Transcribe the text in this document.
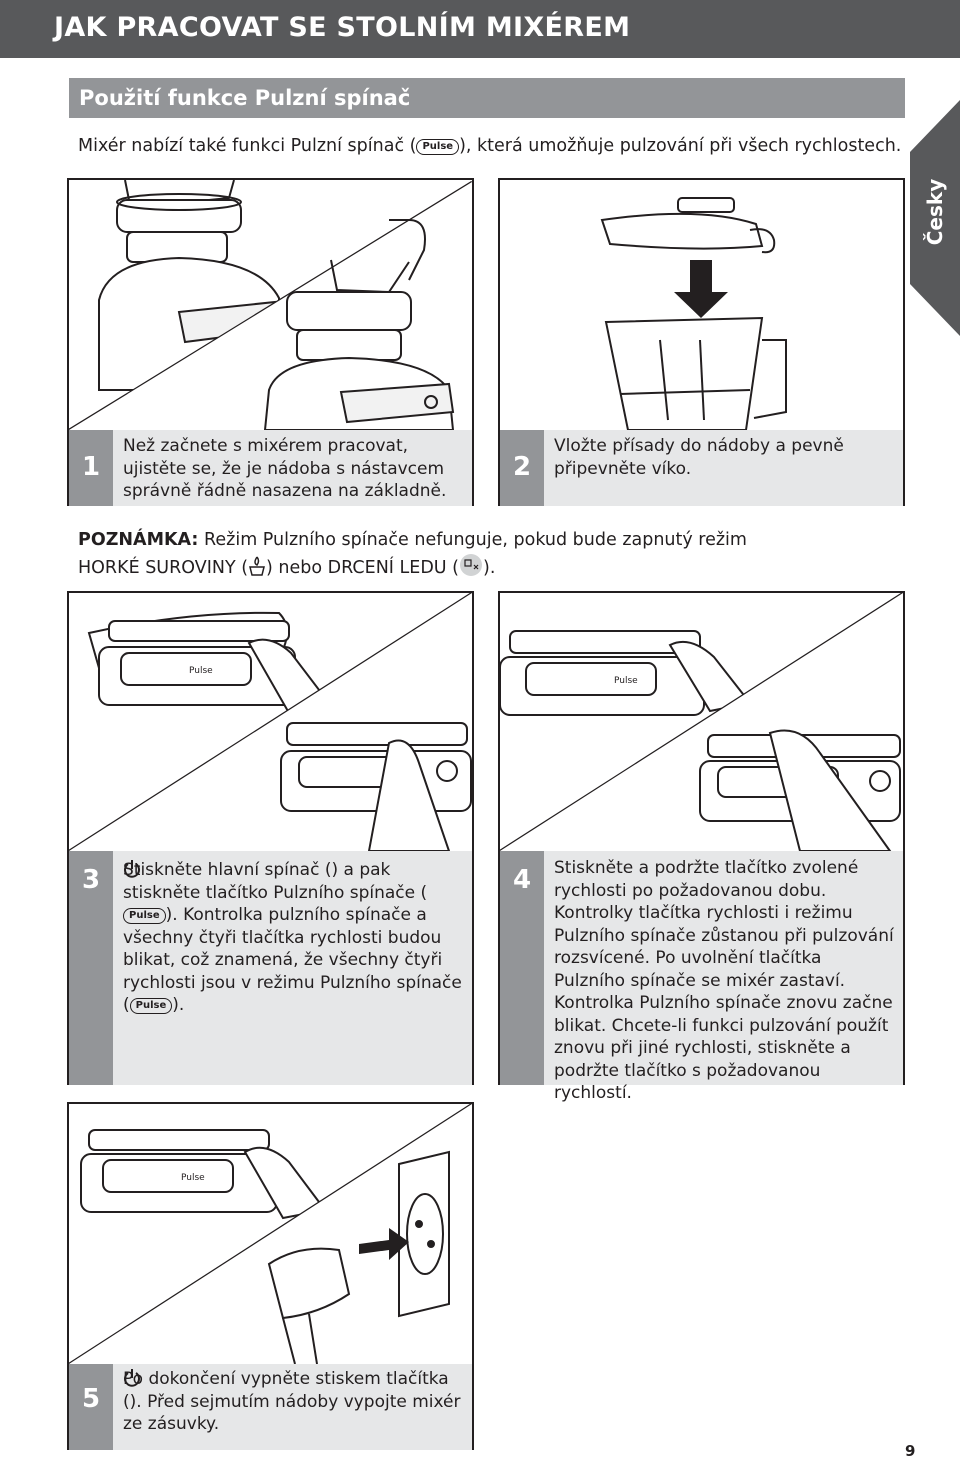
JAK PRACOVAT SE STOLNÍM MIXÉREM
Použití funkce Pulzní spínač
Mixér nabízí také funkci Pulzní spínač ( Pulse ), která umožňuje pulzování při všech rychlostech.
Česky
1
Než začnete s mixérem pracovat, ujistěte se, že je nádoba s nástavcem správně řádně nasazena na základně.
2
Vložte přísady do nádoby a pevně připevněte víko.
POZNÁMKA: Režim Pulzního spínače nefunguje, pokud bude zapnutý režim
HORKÉ SUROVINY ( ) nebo DRCENÍ LEDU ( ).
Pulse
3	Stiskněte hlavní spínač (
) a pak stiskněte tlačítko Pulzního spínače (Pulse ). Kontrolka pulzního spínače a všechny čtyři tlačítka rychlosti budou blikat, což znamená, že všechny čtyři rychlosti jsou v režimu Pulzního spínače ( Pulse ).
Pulse
4	Stiskněte a podržte tlačítko zvolené rychlosti po požadovanou dobu. Kontrolky tlačítka rychlosti i režimu Pulzního spínače zůstanou při pulzování rozsvícené. Po uvolnění tlačítka Pulzního spínače se mixér zastaví. Kontrolka Pulzního spínače znovu začne blikat. Chcete-li funkci pulzování použít znovu při jiné rychlosti, stiskněte a podržte tlačítko s požadovanou rychlostí.
Pulse
5
Po dokončení vypněte stiskem tlačítka (
). Před sejmutím nádoby vypojte mixér ze zásuvky.
9
